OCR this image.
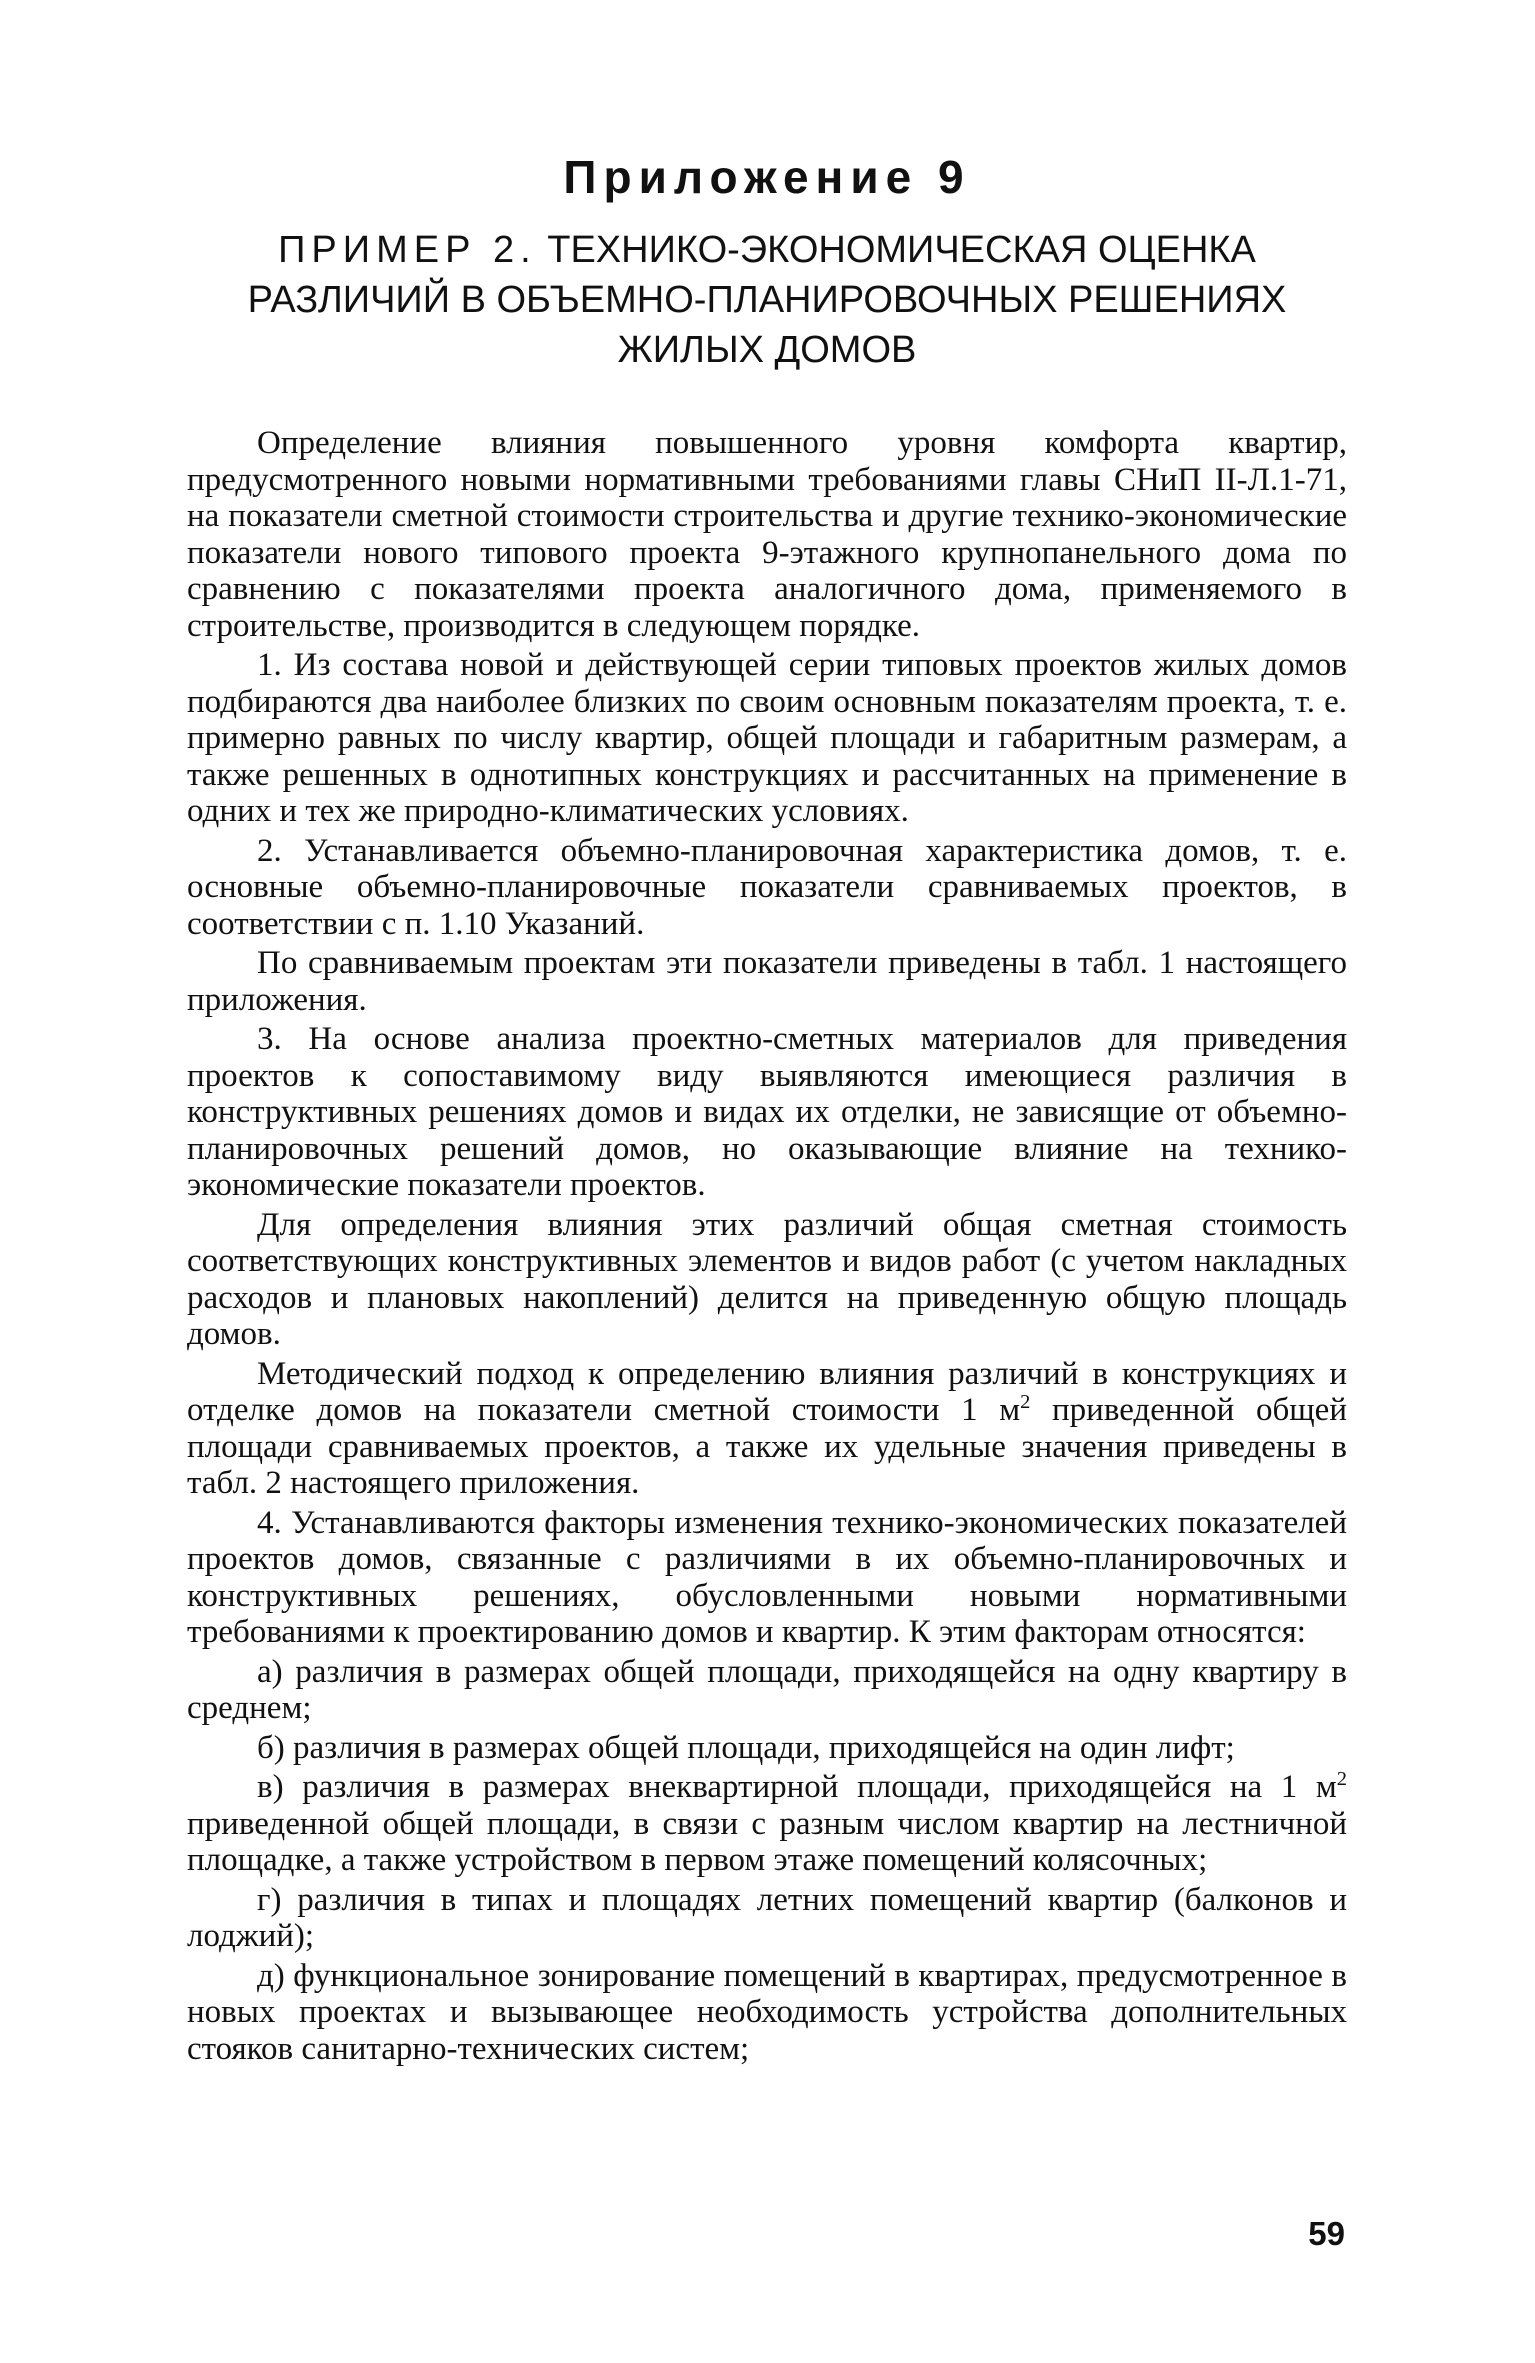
Приложение 9
ПРИМЕР 2. ТЕХНИКО-ЭКОНОМИЧЕСКАЯ ОЦЕНКА
РАЗЛИЧИЙ В ОБЪЕМНО-ПЛАНИРОВОЧНЫХ РЕШЕНИЯХ
ЖИЛЫХ ДОМОВ

Определение влияния повышенного уровня комфорта квартир, предусмотренного новыми нормативными требованиями главы СНиП II-Л.1-71, на показатели сметной стоимости строительства и другие технико-экономические показатели нового типового проекта 9-этажного крупнопанельного дома по сравнению с показателями проекта аналогичного дома, применяемого в строительстве, производится в следующем порядке.

1. Из состава новой и действующей серии типовых проектов жилых домов подбираются два наиболее близких по своим основным показателям проекта, т. е. примерно равных по числу квартир, общей площади и габаритным размерам, а также решенных в однотипных конструкциях и рассчитанных на применение в одних и тех же природно-климатических условиях.

2. Устанавливается объемно-планировочная характеристика домов, т. е. основные объемно-планировочные показатели сравниваемых проектов, в соответствии с п. 1.10 Указаний.

По сравниваемым проектам эти показатели приведены в табл. 1 настоящего приложения.

3. На основе анализа проектно-сметных материалов для приведения проектов к сопоставимому виду выявляются имеющиеся различия в конструктивных решениях домов и видах их отделки, не зависящие от объемно-планировочных решений домов, но оказывающие влияние на технико-экономические показатели проектов.

Для определения влияния этих различий общая сметная стоимость соответствующих конструктивных элементов и видов работ (с учетом накладных расходов и плановых накоплений) делится на приведенную общую площадь домов.

Методический подход к определению влияния различий в конструкциях и отделке домов на показатели сметной стоимости 1 $м^2$ приведенной общей площади сравниваемых проектов, а также их удельные значения приведены в табл. 2 настоящего приложения.

4. Устанавливаются факторы изменения технико-экономических показателей проектов домов, связанные с различиями в их объемно-планировочных и конструктивных решениях, обусловленными новыми нормативными требованиями к проектированию домов и квартир. К этим факторам относятся:

а) различия в размерах общей площади, приходящейся на одну квартиру в среднем;

б) различия в размерах общей площади, приходящейся на один лифт;

в) различия в размерах внеквартирной площади, приходящейся на 1 $м^2$ приведенной общей площади, в связи с разным числом квартир на лестничной площадке, а также устройством в первом этаже помещений колясочных;

г) различия в типах и площадях летних помещений квартир (балконов и лоджий);

д) функциональное зонирование помещений в квартирах, предусмотренное в новых проектах и вызывающее необходимость устройства дополнительных стояков санитарно-технических систем;

59
